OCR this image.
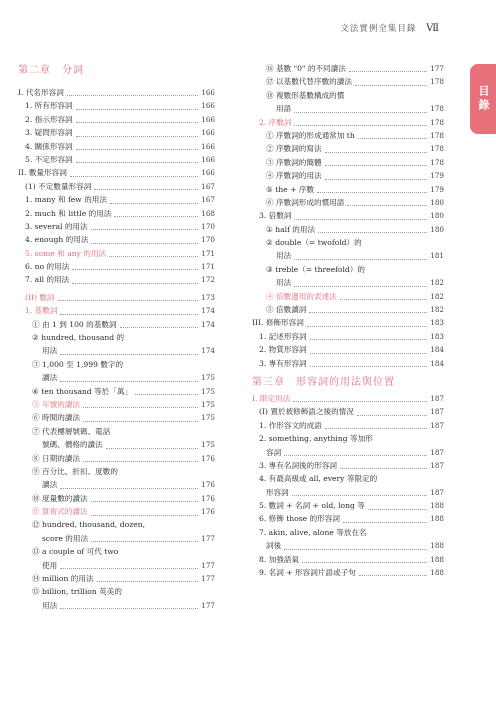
文法實例全集目錄 Ⅶ
目錄
第二章　分詞
I. 代名形容詞	166
1. 所有形容詞	166
2. 指示形容詞	166
3. 疑問形容詞	166
4. 關係形容詞	166
5. 不定形容詞	166
II. 數量形容詞	166
(1) 不定數量形容詞	167
1. many 和 few 的用法	167
2. much 和 little 的用法	168
3. several 的用法	170
4. enough 的用法	170
5. some 和 any 的用法	171
6. no 的用法	171
7. all 的用法	172
(II) 數詞	173
1. 基數詞	174
① 由 1 到 100 的基數詞	174
② hundred, thousand 的
用法	174
③ 1,000 至 1,999 數字的
讀法	175
④ ten thousand 等於「萬」	175
⑤ 年號的讀法	175
⑥ 時間的讀法	175
⑦ 代表樓層號碼、電話
號碼、價格的讀法	175
⑧ 日期的讀法	176
⑨ 百分比、折扣、度數的
讀法	176
⑩ 度量數的讀法	176
⑪ 算術式的讀法	176
⑫ hundred, thousand, dozen,
score 的用法	177
⑬ a couple of 可代 two
使用	177
⑭ million 的用法	177
⑮ billion, trillion 英美的
用法	177
⑯ 基數 "0" 的不同讀法	177
⑰ 以基數代替序數的讀法	178
⑱ 複數形基數構成的慣
用語	178
2. 序數詞	178
① 序數詞的形成通常加 th	178
② 序數詞的寫法	178
③ 序數詞的簡體	178
④ 序數詞的用法	179
⑤ the + 序數	179
⑥ 序數詞形成的慣用語	180
3. 倍數詞	180
① half 的用法	180
② double（= twofold）的
用法	181
③ treble（= threefold）的
用法	182
④ 倍數邊用的表達法	182
⑤ 倍數讀詞	182
III. 修飾形容詞	183
1. 記述形容詞	183
2. 物質形容詞	184
3. 專有形容詞	184
第三章　形容詞的用法與位置
I. 限定用法	187
(I) 置於被修飾語之後的情況	187
1. 作形容文的成語	187
2. something, anything 等加形
容詞	187
3. 專有名詞後的形容詞	187
4. 有最高級或 all, every 等限定的
形容詞	187
5. 數詞 + 名詞 + old, long 等	188
6. 修飾 those 的形容詞	188
7. akin, alive, alone 等放在名
詞後	188
8. 加強語氣	188
9. 名詞 + 形容詞片語或子句	188
